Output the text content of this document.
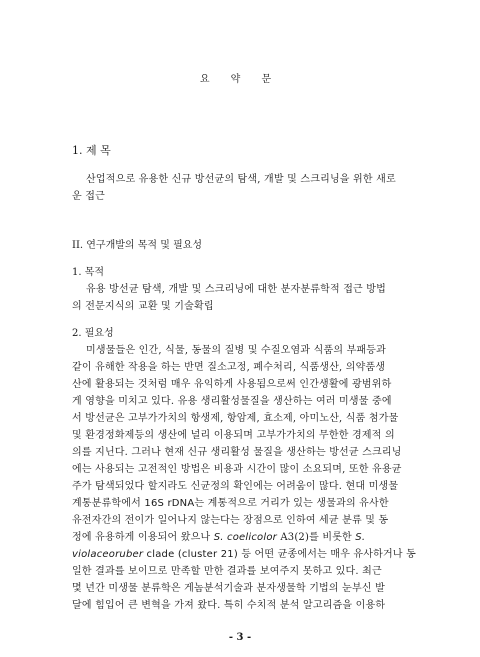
요 약 문
1. 제 목
산업적으로 유용한 신규 방선균의 탐색, 개발 및 스크리닝을 위한 새로
운 접근
II. 연구개발의 목적 및 필요성
1. 목적
유용 방선균 탐색, 개발 및 스크리닝에 대한 분자분류학적 접근 방법
의 전문지식의 교환 및 기술확립
2. 필요성
미생물들은 인간, 식물, 동물의 질병 및 수질오염과 식품의 부패등과
같이 유해한 작용을 하는 반면 질소고정, 폐수처리, 식품생산, 의약품생
산에 활용되는 것처럼 매우 유익하게 사용됨으로써 인간생활에 광범위하
게 영향을 미치고 있다. 유용 생리활성물질을 생산하는 여러 미생물 중에
서 방선균은 고부가가치의 항생제, 항암제, 효소제, 아미노산, 식품 첨가물
및 환경정화제등의 생산에 널리 이용되며 고부가가치의 무한한 경제적 의
의를 지닌다. 그러나 현재 신규 생리활성 물질을 생산하는 방선균 스크리닝
에는 사용되는 고전적인 방법은 비용과 시간이 많이 소요되며, 또한 유용균
주가 탐색되었다 할지라도 신균정의 확인에는 어려움이 많다. 현대 미생물
계통분류학에서 16S rDNA는 계통적으로 거리가 있는 생물과의 유사한
유전자간의 전이가 일어나지 않는다는 장점으로 인하여 세균 분류 및 동
정에 유용하게 이용되어 왔으나 S. coelicolor A3(2)를 비롯한 S.
violaceoruber clade (cluster 21) 등 어떤 균종에서는 매우 유사하거나 동
일한 결과를 보이므로 만족할 만한 결과를 보여주지 못하고 있다. 최근
몇 년간 미생물 분류학은 게놈분석기술과 분자생물학 기법의 눈부신 발
달에 힘입어 큰 변혁을 가져 왔다. 특히 수치적 분석 알고리즘을 이용하
- 3 -
